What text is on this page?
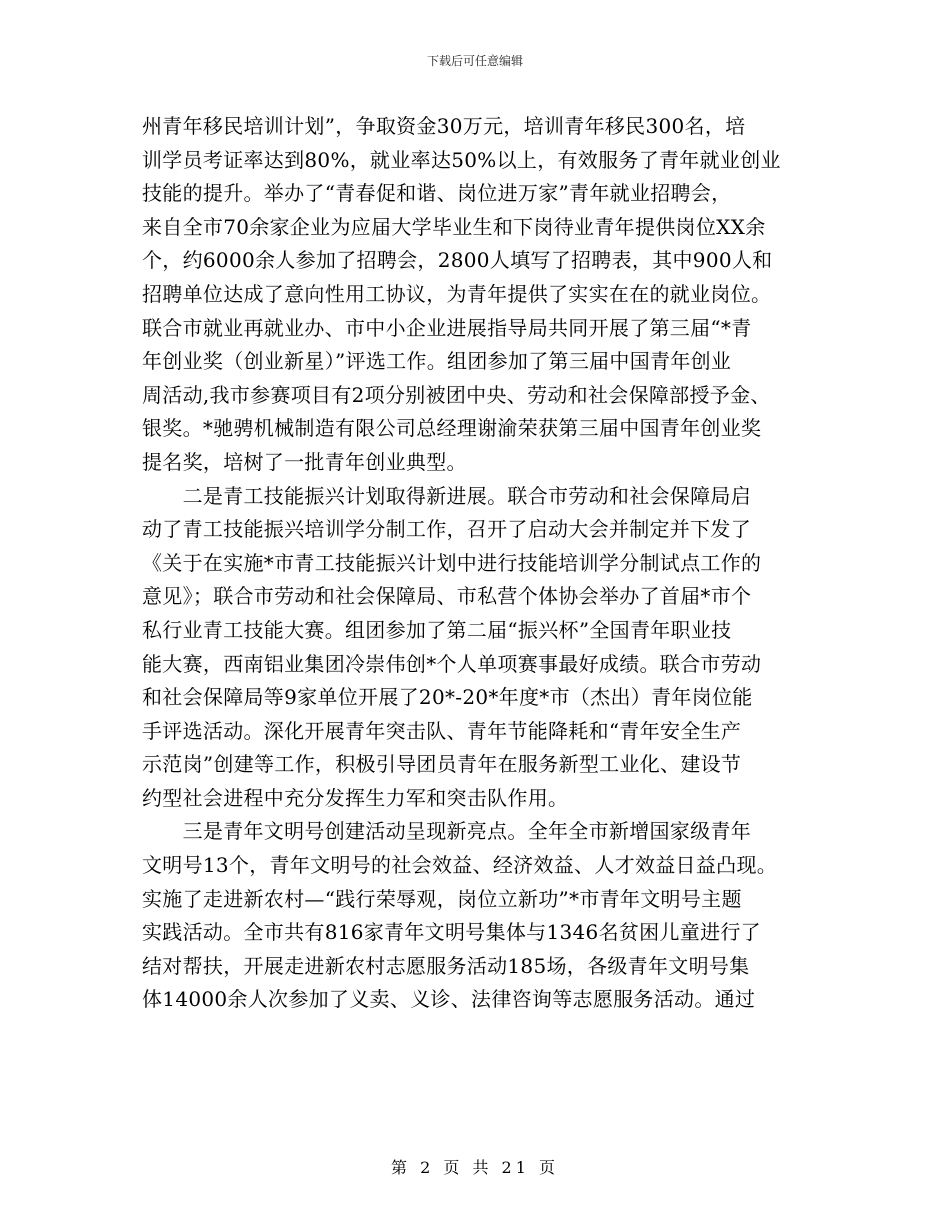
下载后可任意编辑
州青年移民培训计划”，争取资金30万元，培训青年移民300名，培
训学员考证率达到80%，就业率达50%以上，有效服务了青年就业创业
技能的提升。举办了“青春促和谐、岗位进万家”青年就业招聘会，
来自全市70余家企业为应届大学毕业生和下岗待业青年提供岗位XX余
个，约6000余人参加了招聘会，2800人填写了招聘表，其中900人和
招聘单位达成了意向性用工协议，为青年提供了实实在在的就业岗位。
联合市就业再就业办、市中小企业进展指导局共同开展了第三届“*青
年创业奖（创业新星）”评选工作。组团参加了第三届中国青年创业
周活动,我市参赛项目有2项分别被团中央、劳动和社会保障部授予金、
银奖。*驰骋机械制造有限公司总经理谢渝荣获第三届中国青年创业奖
提名奖，培树了一批青年创业典型。
　　二是青工技能振兴计划取得新进展。联合市劳动和社会保障局启
动了青工技能振兴培训学分制工作，召开了启动大会并制定并下发了
《关于在实施*市青工技能振兴计划中进行技能培训学分制试点工作的
意见》；联合市劳动和社会保障局、市私营个体协会举办了首届*市个
私行业青工技能大赛。组团参加了第二届“振兴杯”全国青年职业技
能大赛，西南铝业集团冷崇伟创*个人单项赛事最好成绩。联合市劳动
和社会保障局等9家单位开展了20*-20*年度*市（杰出）青年岗位能
手评选活动。深化开展青年突击队、青年节能降耗和“青年安全生产
示范岗”创建等工作，积极引导团员青年在服务新型工业化、建设节
约型社会进程中充分发挥生力军和突击队作用。
　　三是青年文明号创建活动呈现新亮点。全年全市新增国家级青年
文明号13个，青年文明号的社会效益、经济效益、人才效益日益凸现。
实施了走进新农村—“践行荣辱观，岗位立新功”*市青年文明号主题
实践活动。全市共有816家青年文明号集体与1346名贫困儿童进行了
结对帮扶，开展走进新农村志愿服务活动185场，各级青年文明号集
体14000余人次参加了义卖、义诊、法律咨询等志愿服务活动。通过
第 2 页 共 21 页
